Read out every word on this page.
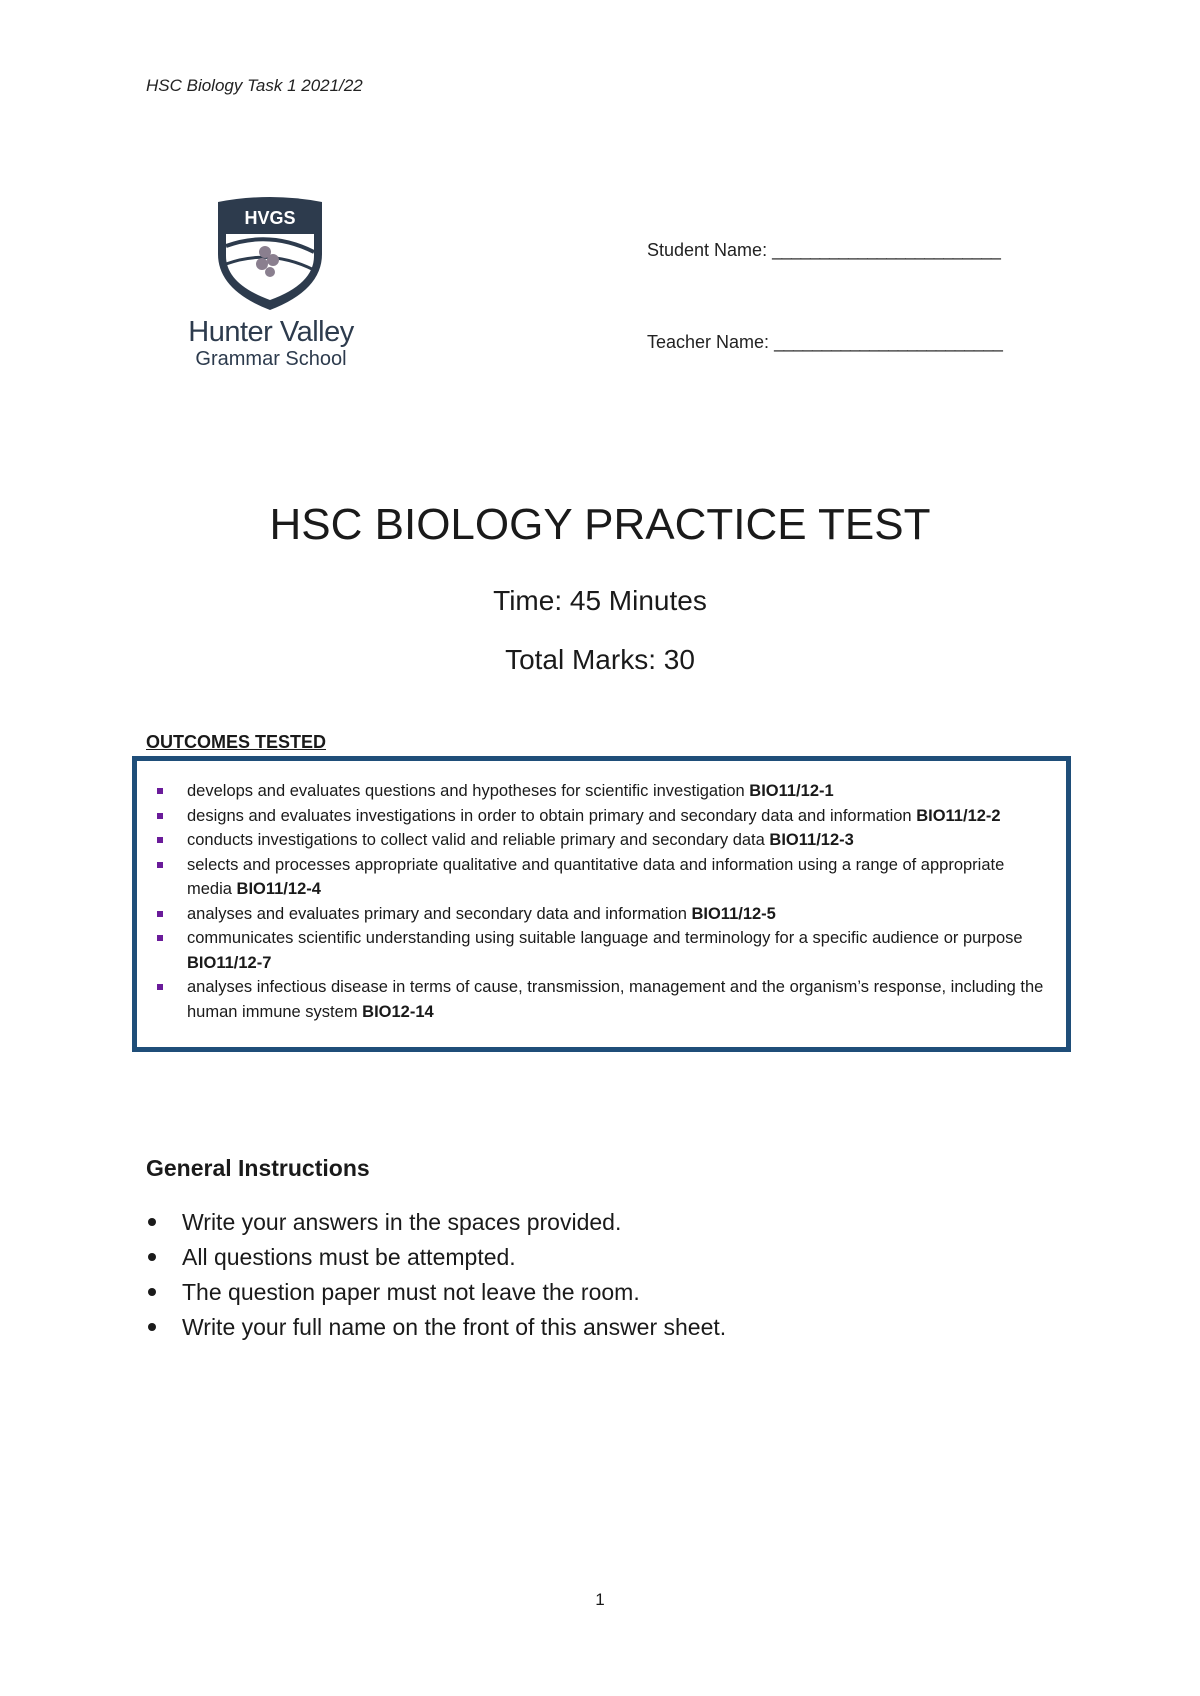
HSC Biology Task 1 2021/22
HVGS
Hunter Valley
Grammar School
Student Name: ________________________
Teacher Name: ________________________
HSC BIOLOGY PRACTICE TEST
Time: 45 Minutes
Total Marks: 30
OUTCOMES TESTED
develops and evaluates questions and hypotheses for scientific investigation BIO11/12-1
designs and evaluates investigations in order to obtain primary and secondary data and information BIO11/12-2
conducts investigations to collect valid and reliable primary and secondary data BIO11/12-3
selects and processes appropriate qualitative and quantitative data and information using a range of appropriate media BIO11/12-4
analyses and evaluates primary and secondary data and information BIO11/12-5
communicates scientific understanding using suitable language and terminology for a specific audience or purpose BIO11/12-7
analyses infectious disease in terms of cause, transmission, management and the organism’s response, including the human immune system BIO12-14
General Instructions
Write your answers in the spaces provided.
All questions must be attempted.
The question paper must not leave the room.
Write your full name on the front of this answer sheet.
1
